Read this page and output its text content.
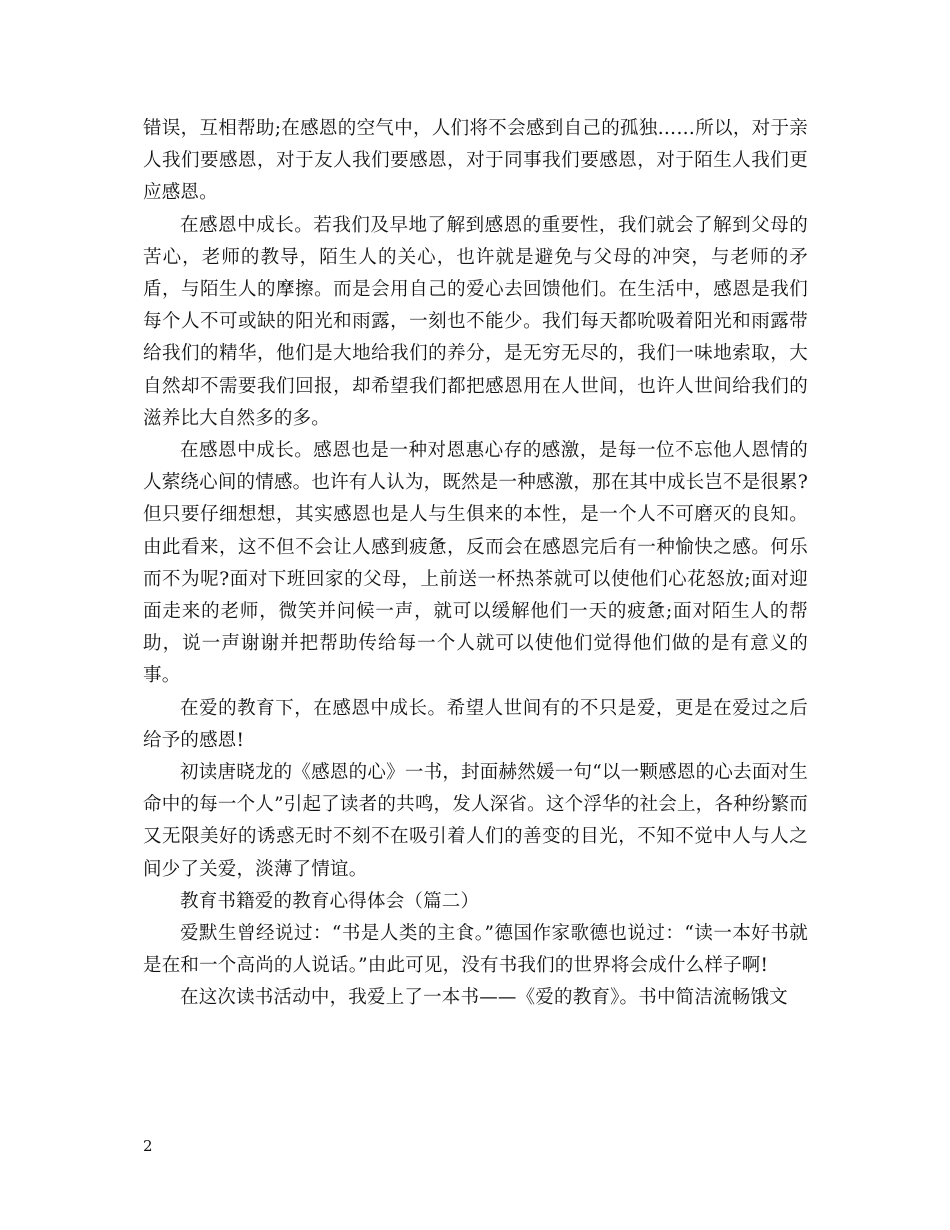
错误，互相帮助;在感恩的空气中，人们将不会感到自己的孤独……所以，对于亲人我们要感恩，对于友人我们要感恩，对于同事我们要感恩，对于陌生人我们更应感恩。

在感恩中成长。若我们及早地了解到感恩的重要性，我们就会了解到父母的苦心，老师的教导，陌生人的关心，也许就是避免与父母的冲突，与老师的矛盾，与陌生人的摩擦。而是会用自己的爱心去回馈他们。在生活中，感恩是我们每个人不可或缺的阳光和雨露，一刻也不能少。我们每天都吮吸着阳光和雨露带给我们的精华，他们是大地给我们的养分，是无穷无尽的，我们一味地索取，大自然却不需要我们回报，却希望我们都把感恩用在人世间，也许人世间给我们的滋养比大自然多的多。

在感恩中成长。感恩也是一种对恩惠心存的感激，是每一位不忘他人恩情的人萦绕心间的情感。也许有人认为，既然是一种感激，那在其中成长岂不是很累?但只要仔细想想，其实感恩也是人与生俱来的本性，是一个人不可磨灭的良知。由此看来，这不但不会让人感到疲惫，反而会在感恩完后有一种愉快之感。何乐而不为呢?面对下班回家的父母，上前送一杯热茶就可以使他们心花怒放;面对迎面走来的老师，微笑并问候一声，就可以缓解他们一天的疲惫;面对陌生人的帮助，说一声谢谢并把帮助传给每一个人就可以使他们觉得他们做的是有意义的事。

在爱的教育下，在感恩中成长。希望人世间有的不只是爱，更是在爱过之后给予的感恩!

初读唐晓龙的《感恩的心》一书，封面赫然媛一句“以一颗感恩的心去面对生命中的每一个人”引起了读者的共鸣，发人深省。这个浮华的社会上，各种纷繁而又无限美好的诱惑无时不刻不在吸引着人们的善变的目光，不知不觉中人与人之间少了关爱，淡薄了情谊。

教育书籍爱的教育心得体会（篇二）

爱默生曾经说过：“书是人类的主食。”德国作家歌德也说过：“读一本好书就是在和一个高尚的人说话。”由此可见，没有书我们的世界将会成什么样子啊!

在这次读书活动中，我爱上了一本书——《爱的教育》。书中简洁流畅饿文

2
